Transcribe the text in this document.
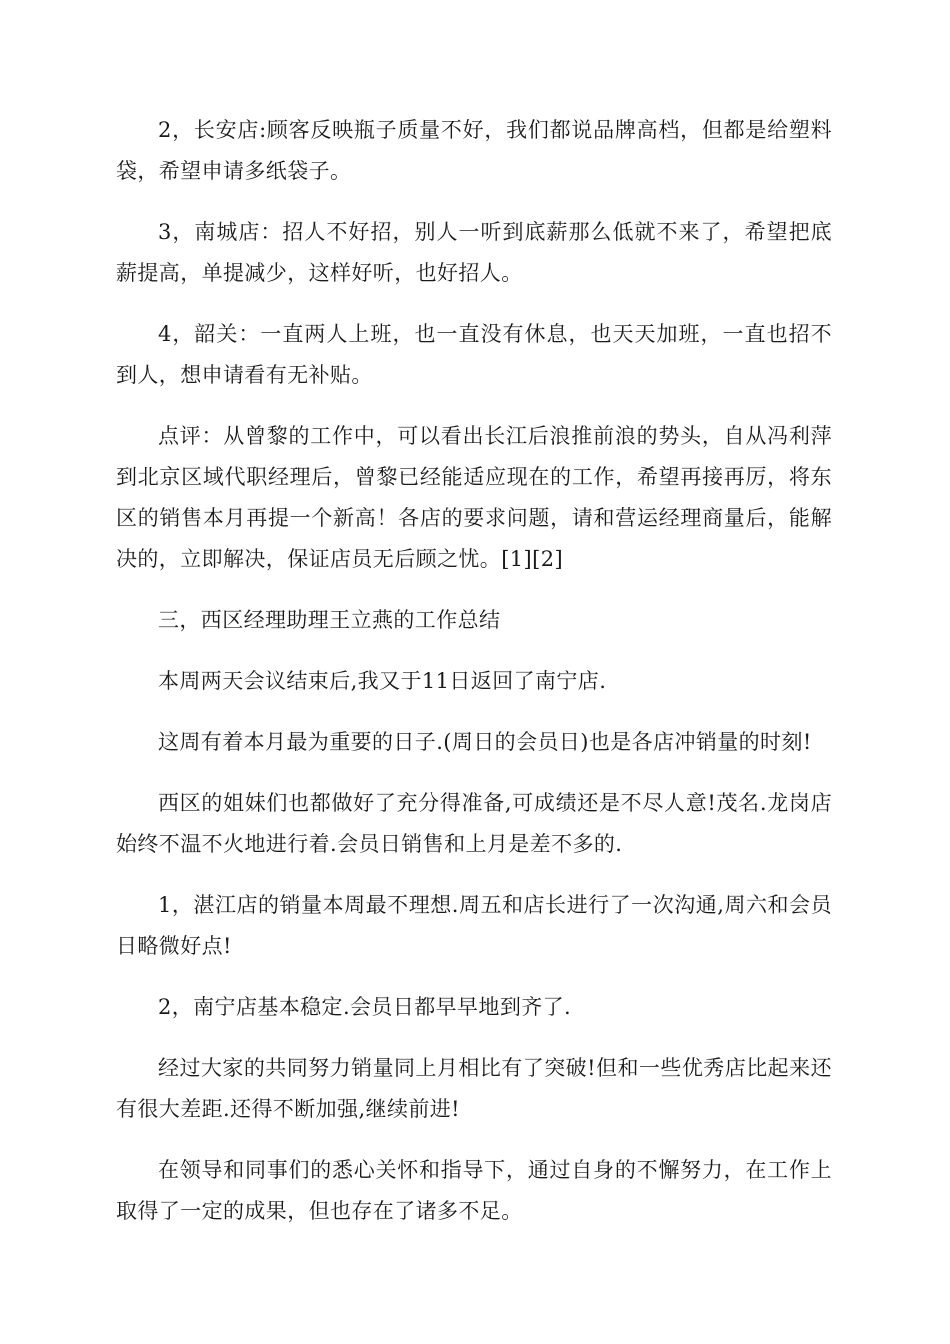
2，长安店:顾客反映瓶子质量不好，我们都说品牌高档，但都是给塑料袋，希望申请多纸袋子。

3，南城店：招人不好招，别人一听到底薪那么低就不来了，希望把底薪提高，单提减少，这样好听，也好招人。

4，韶关：一直两人上班，也一直没有休息，也天天加班，一直也招不到人，想申请看有无补贴。

点评：从曾黎的工作中，可以看出长江后浪推前浪的势头，自从冯利萍到北京区域代职经理后，曾黎已经能适应现在的工作，希望再接再厉，将东区的销售本月再提一个新高！各店的要求问题，请和营运经理商量后，能解决的，立即解决，保证店员无后顾之忧。[1][2]

三，西区经理助理王立燕的工作总结

本周两天会议结束后,我又于11日返回了南宁店.

这周有着本月最为重要的日子.(周日的会员日)也是各店冲销量的时刻!

西区的姐妹们也都做好了充分得准备,可成绩还是不尽人意!茂名.龙岗店始终不温不火地进行着.会员日销售和上月是差不多的.

1，湛江店的销量本周最不理想.周五和店长进行了一次沟通,周六和会员日略微好点!

2，南宁店基本稳定.会员日都早早地到齐了.

经过大家的共同努力销量同上月相比有了突破!但和一些优秀店比起来还有很大差距.还得不断加强,继续前进!

在领导和同事们的悉心关怀和指导下，通过自身的不懈努力，在工作上取得了一定的成果，但也存在了诸多不足。
